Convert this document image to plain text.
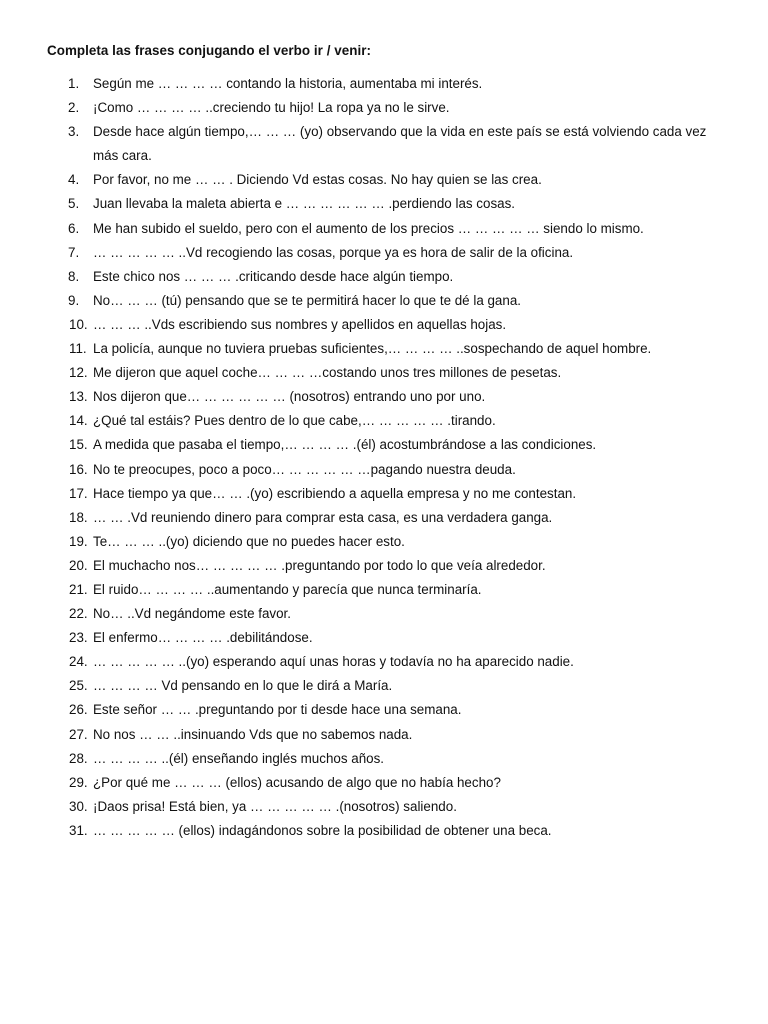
Completa las frases conjugando el verbo ir / venir:
1.	Según me … … … … contando la historia, aumentaba mi interés.
2.	¡Como … … … … ..creciendo tu hijo! La ropa ya no le sirve.
3.	Desde hace algún tiempo,… … … (yo) observando que la vida en este país se está volviendo cada vez más cara.
4.	Por favor, no me … … . Diciendo Vd estas cosas. No hay quien se las crea.
5.	Juan llevaba la maleta abierta e … … … … … … .perdiendo las cosas.
6.	Me han subido el sueldo, pero con el aumento de los precios … … … … … siendo lo mismo.
7.	… … … … … ..Vd recogiendo las cosas, porque ya es hora de salir de la oficina.
8.	Este chico nos … … … .criticando desde hace algún tiempo.
9.	No… … … (tú) pensando que se te permitirá hacer lo que te dé la gana.
10. … … … ..Vds escribiendo sus nombres y apellidos en aquellas hojas.
11. La policía, aunque no tuviera pruebas suficientes,… … … … ..sospechando de aquel hombre.
12. Me dijeron que aquel coche… … … …costando unos tres millones de pesetas.
13. Nos dijeron que… … … … … … (nosotros) entrando uno por uno.
14. ¿Qué tal estáis? Pues dentro de lo que cabe,… … … … … .tirando.
15. A medida que pasaba el tiempo,… … … … .(él) acostumbrándose a las condiciones.
16. No te preocupes, poco a poco… … … … … …pagando nuestra deuda.
17. Hace tiempo ya que… … .(yo) escribiendo a aquella empresa y no me contestan.
18. … … .Vd reuniendo dinero para comprar esta casa, es una verdadera ganga.
19. Te… … … ..(yo) diciendo que no puedes hacer esto.
20. El muchacho nos… … … … … .preguntando por todo lo que veía alrededor.
21. El ruido… … … … ..aumentando y parecía que nunca terminaría.
22. No… ..Vd negándome este favor.
23. El enfermo… … … … .debilitándose.
24. … … … … … ..(yo) esperando aquí unas horas y todavía no ha aparecido nadie.
25. … … … … Vd pensando en lo que le dirá a María.
26. Este señor … … .preguntando por ti desde hace una semana.
27. No nos … … ..insinuando Vds que no sabemos nada.
28. … … … … ..(él) enseñando inglés muchos años.
29. ¿Por qué me … … … (ellos) acusando de algo que no había hecho?
30. ¡Daos prisa! Está bien, ya … … … … … .(nosotros) saliendo.
31. … … … … … (ellos) indagándonos sobre la posibilidad de obtener una beca.
